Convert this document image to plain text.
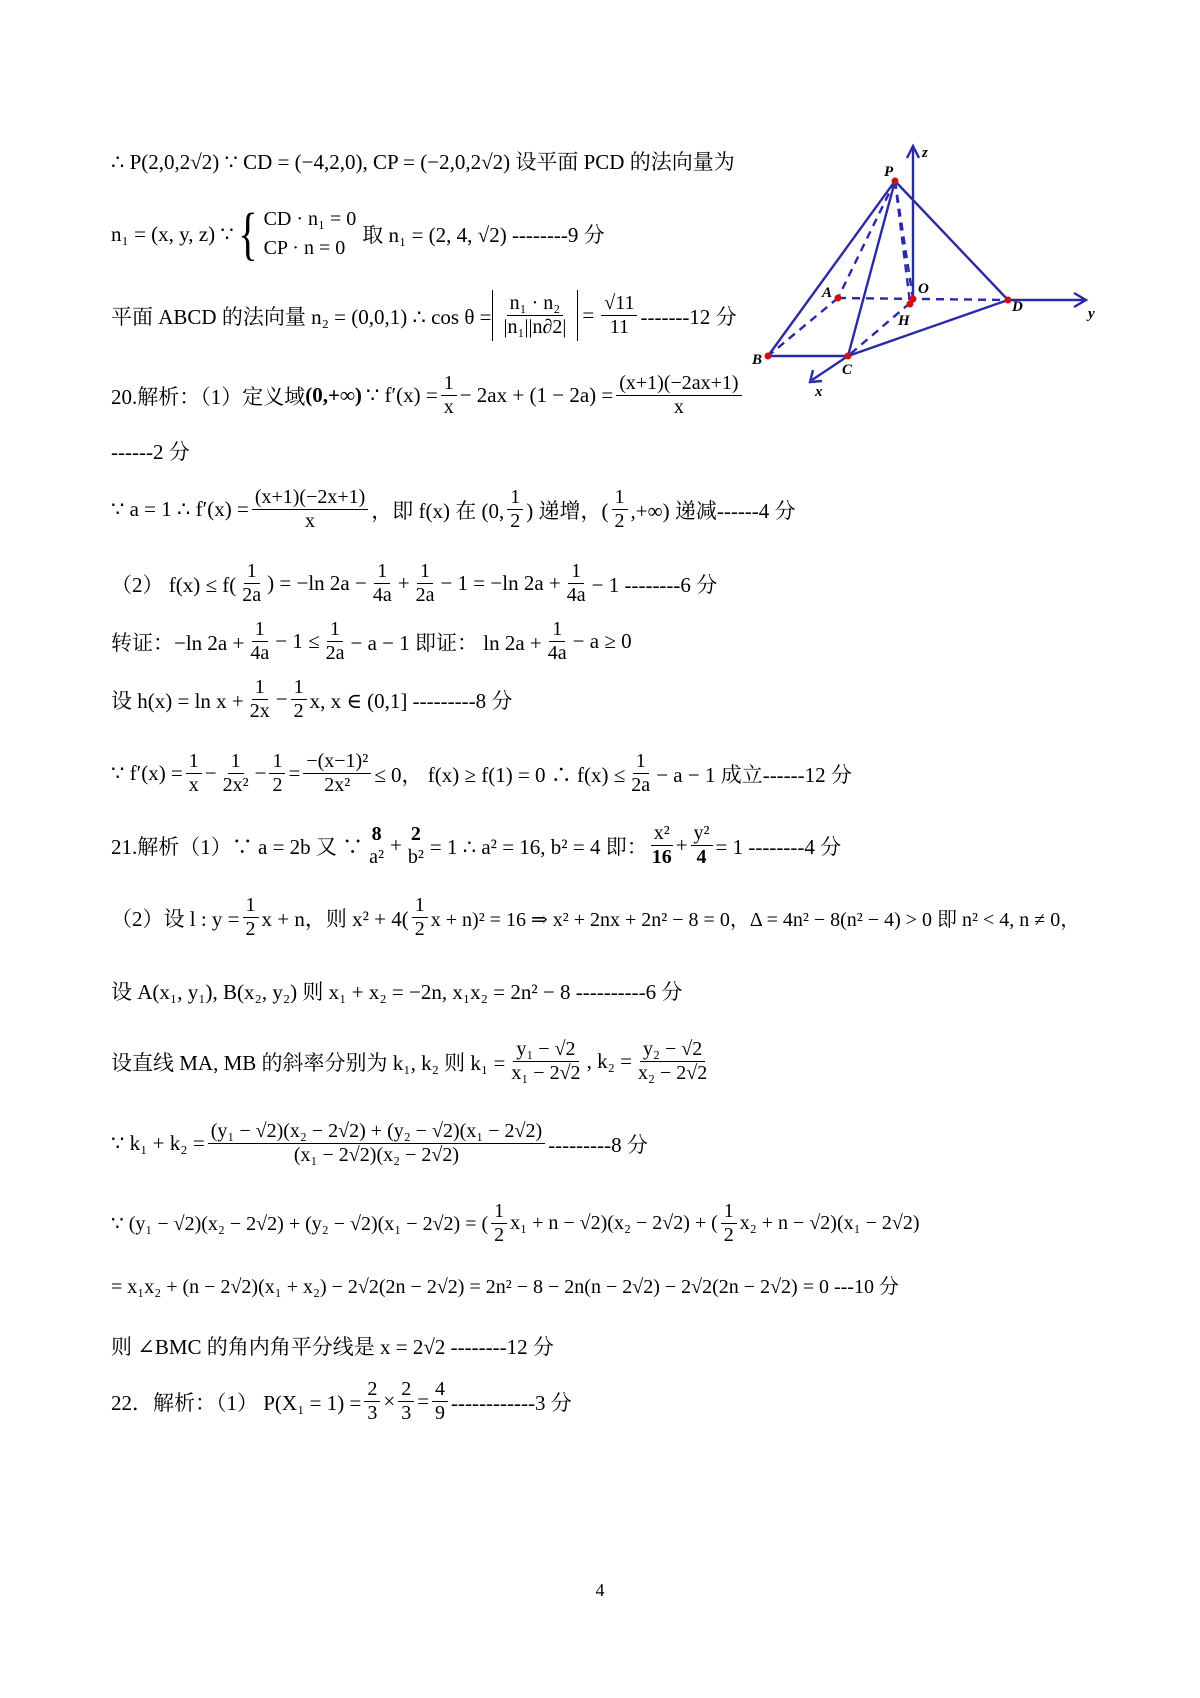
∴ P(2,0,2√2) ∵ CD = (−4,2,0), CP = (−2,0,2√2) 设平面 PCD 的法向量为
n₁ = (x, y, z) ∵ { CD · n₁ = 0
CP · n = 0
取 n₁ = (2, 4, √2) --------9 分
平面 ABCD 的法向量 n₂ = (0,0,1) ∴ $\cos \theta = \frac{\text{n₁ · n₂}}{\text{|n₁||n∂2|}} = \frac{√11}{11} -------12$ 分
20.解析：（1）定义域 (0,+∞) ∵ $f'(x) = \frac{1}{x} - 2ax + (1 - 2a) = \frac{(x+1)(-2ax+1)}{x}$
------2 分
∵ a = 1 ∴ $f'(x) = \frac{(x+1)(-2x+1)}{x}$ ，即 f(x) 在 (0, $\frac{1}{2}$ ) 递增，( $\frac{1}{2}$ ,+∞) 递减------4 分
（2） $f(x) \le f( \frac{1}{2a}$ ) = −ln $2a - \frac{1}{4a} + \frac{1}{2a} - 1 = -\ln$ $2a + \frac{1}{4a} - 1$ --------6 分
转证：−ln $2a + \frac{1}{4a} - 1 \le \frac{1}{2a} - a - 1$ 即证： $\ln 2a + \frac{1}{4a} - a \ge 0$
设 $h(x) = \ln x + \frac{1}{2x} - \frac{1}{2} x$, x ∈ (0,1] ---------8 分
∵ $f'(x) = \frac{1}{x} - \frac{1}{\text{2x²}} - \frac{1}{2} = \frac{\text{−(x−1)²}}{\text{2x²}} \le 0$， f(x) ≥ f(1) = 0 ∴ $f(x) \le \frac{1}{2a} - a - 1$ 成立------12 分
21.解析（1）∵ a = 2b 又 ∵
8
a² + 2
b² = 1 ∴ a² = 16, b² = 4 即： $\frac{\text{x²}}{16} + \frac{\text{y²}}{4} = 1$ --------4 分
（2）设 l : $y = \frac{1}{2}$ x + n，则 $x^2 + 4( \frac{1}{2}$ x + n)² = 16 ⇒ x² + 2nx + 2n² − 8 = 0，Δ = 4n² − 8(n² − 4) > 0 即 n² < 4, n ≠ 0，
设 A(x₁, y₁), B(x₂, y₂) 则 x₁ + x₂ = −2n, x₁x₂ = 2n² − 8 ----------6 分
设直线 MA, MB 的斜率分别为 k₁, k₂ 则 $k_1 = \frac{\text{y₁ − √2}}{\text{x₁ − 2√2}}$ , $k_2 = \frac{\text{y₂ − √2}}{\text{x₂ − 2√2}}$
∵ $k_1 + k_2 = \frac{\text{(y₁ − √2)(x₂ − 2√2) + (y₂ − √2)(x₁ − 2√2)}}{\text{(x₁ − 2√2)(x₂ − 2√2)}} ---------8$ 分
∵ (y₁ − √2)(x₂ − 2√2) + (y₂ − √2)(x₁ − 2√2) = ( $\frac{1}{2} x_1 + n - √2)(x_2 - 2√2)$ + ( $\frac{1}{2} x_2 + n - √2)(x_1 - 2√2)$
= x₁x₂ + (n − 2√2)(x₁ + x₂) − 2√2(2n − 2√2) = 2n² − 8 − 2n(n − 2√2) − 2√2(2n − 2√2) = 0 ---10 分
则 ∠BMC 的角内角平分线是 x = 2√2 --------12 分
22．解析：（1） $P(X_1 = 1) = \frac{2}{3} \times \frac{2}{3} = \frac{4}{9} ------------3$ 分
P
z
A	O
H
D	y
B
C
x
4
